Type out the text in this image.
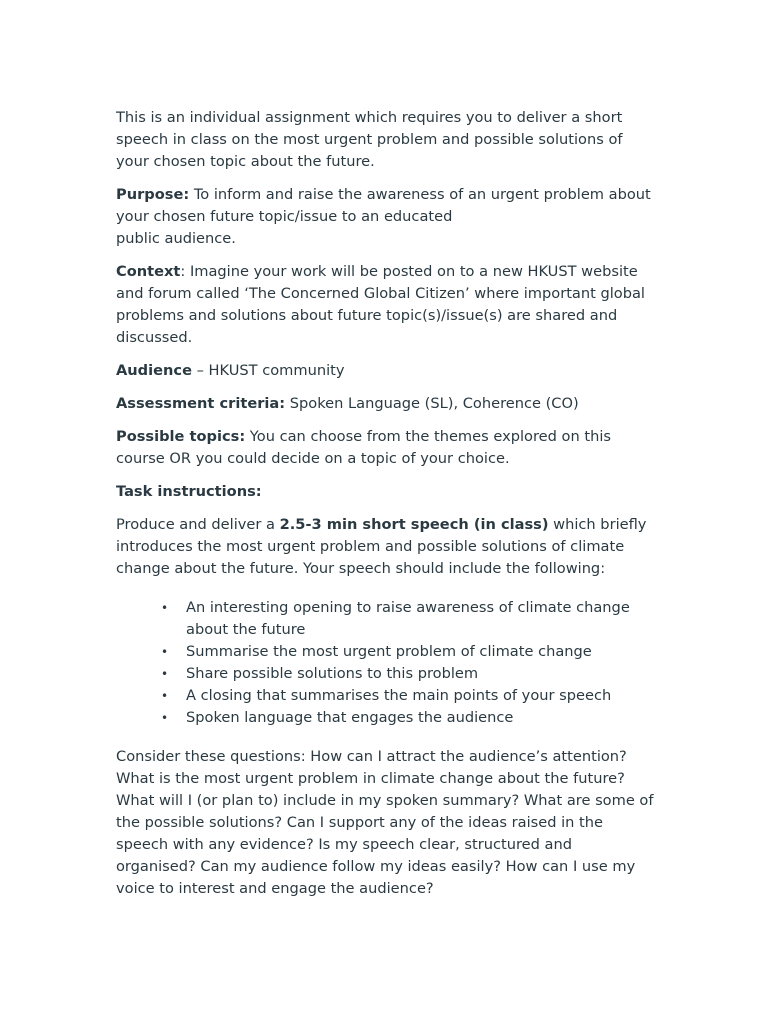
This is an individual assignment which requires you to deliver a short speech in class on the most urgent problem and possible solutions of your chosen topic about the future.

Purpose: To inform and raise the awareness of an urgent problem about your chosen future topic/issue to an educated
public audience.

Context: Imagine your work will be posted on to a new HKUST website and forum called ‘The Concerned Global Citizen’ where important global problems and solutions about future topic(s)/issue(s) are shared and discussed.

Audience – HKUST community

Assessment criteria: Spoken Language (SL), Coherence (CO)

Possible topics: You can choose from the themes explored on this course OR you could decide on a topic of your choice.

Task instructions:

Produce and deliver a 2.5-3 min short speech (in class) which briefly introduces the most urgent problem and possible solutions of climate change about the future. Your speech should include the following:

• An interesting opening to raise awareness of climate change about the future
• Summarise the most urgent problem of climate change
• Share possible solutions to this problem
• A closing that summarises the main points of your speech
• Spoken language that engages the audience

Consider these questions: How can I attract the audience’s attention? What is the most urgent problem in climate change about the future? What will I (or plan to) include in my spoken summary? What are some of the possible solutions? Can I support any of the ideas raised in the speech with any evidence? Is my speech clear, structured and organised? Can my audience follow my ideas easily? How can I use my voice to interest and engage the audience?
